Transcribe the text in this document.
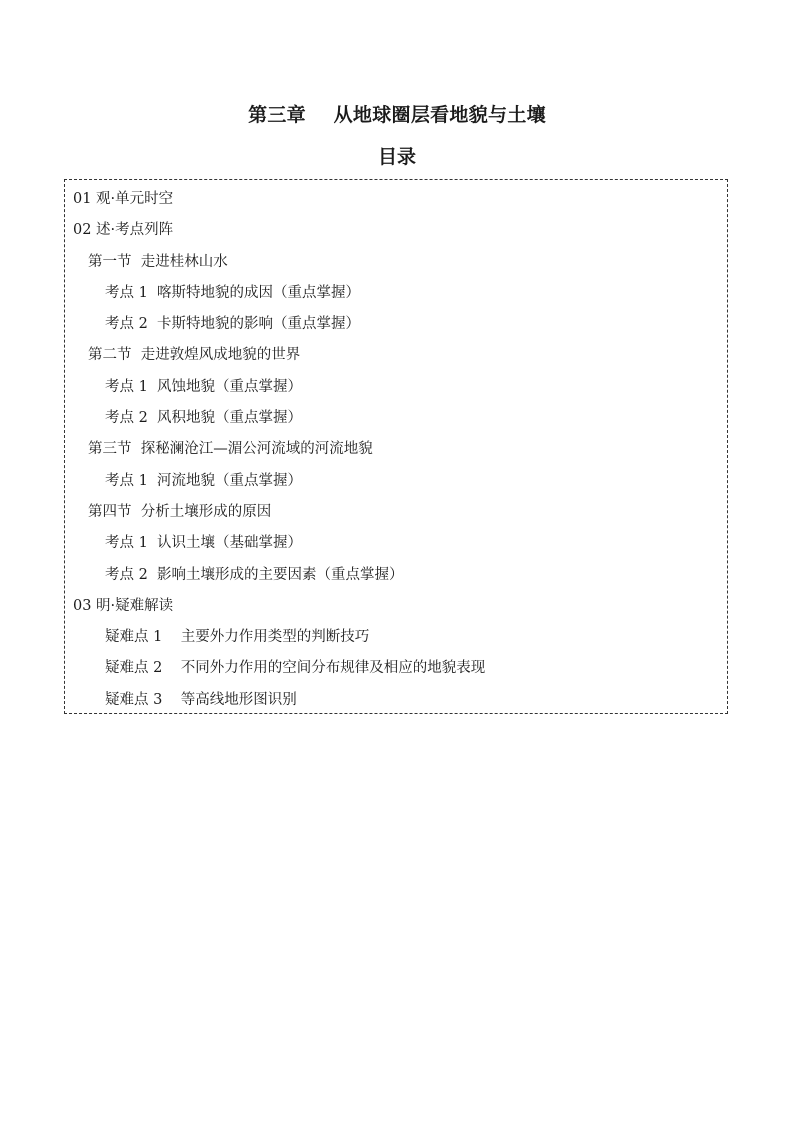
第三章    从地球圈层看地貌与土壤
目录
01 观·单元时空
02 述·考点列阵
第一节  走进桂林山水
考点 1  喀斯特地貌的成因（重点掌握）
考点 2  卡斯特地貌的影响（重点掌握）
第二节  走进敦煌风成地貌的世界
考点 1  风蚀地貌（重点掌握）
考点 2  风积地貌（重点掌握）
第三节  探秘澜沧江—湄公河流域的河流地貌
考点 1  河流地貌（重点掌握）
第四节  分析土壤形成的原因
考点 1  认识土壤（基础掌握）
考点 2  影响土壤形成的主要因素（重点掌握）
03 明·疑难解读
疑难点 1    主要外力作用类型的判断技巧
疑难点 2    不同外力作用的空间分布规律及相应的地貌表现
疑难点 3    等高线地形图识别
